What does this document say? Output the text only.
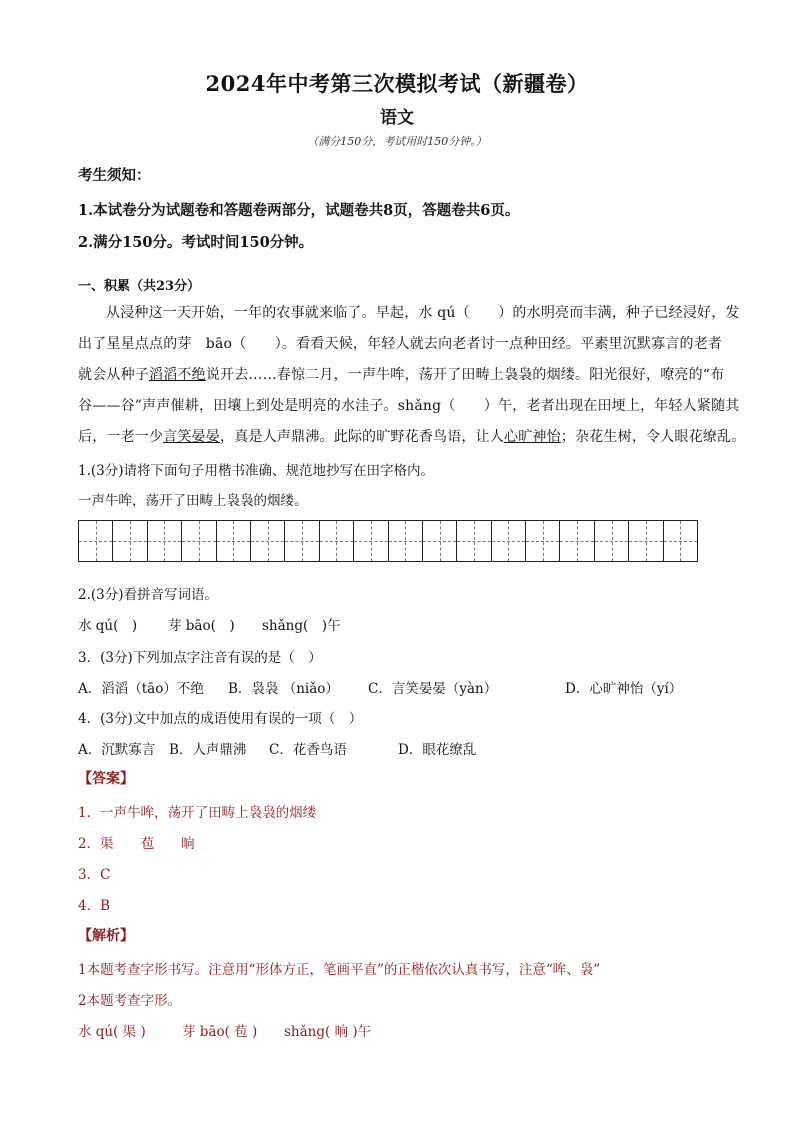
2024年中考第三次模拟考试（新疆卷）
语文
（满分150分，考试用时150分钟。）
考生须知：
1.本试卷分为试题卷和答题卷两部分，试题卷共8页，答题卷共6页。
2.满分150分。考试时间150分钟。
一、积累（共23分）
从浸种这一天开始，一年的农事就来临了。早起，水 qú（　　）的水明亮而丰满，种子已经浸好，发
出了星星点点的芽　bāo（　　）。看看天候，年轻人就去向老者讨一点种田经。平素里沉默寡言的老者
就会从种子滔滔不绝说开去……春惊二月，一声牛哞，荡开了田畴上袅袅的烟缕。阳光很好，嘹亮的“布
谷——谷”声声催耕，田壤上到处是明亮的水洼子。shǎng（　　）午，老者出现在田埂上，年轻人紧随其
后，一老一少言笑晏晏，真是人声鼎沸。此际的旷野花香鸟语，让人心旷神怡；杂花生树，令人眼花缭乱。
1.(3分)请将下面句子用楷书准确、规范地抄写在田字格内。
一声牛哞，荡开了田畴上袅袅的烟缕。
2.(3分)看拼音写词语。
水 qú(　) 芽 bāo(　) shǎng(　)午
3．(3分)下列加点字注音有误的是（　）
A．滔滔（tāo）不绝 B．袅袅 （niǎo） C．言笑晏晏（yàn）	D．心旷神怡（yí）
4．(3分)文中加点的成语使用有误的一项（　）
A．沉默寡言 B．人声鼎沸 C．花香鸟语	D．眼花缭乱
【答案】
1．一声牛哞，荡开了田畴上袅袅的烟缕
2．渠　　苞　　晌
3．C
4．B
【解析】
1本题考查字形书写。注意用“形体方正，笔画平直”的正楷依次认真书写，注意“哞、袅”
2本题考查字形。
水 qú( 渠 )	芽 bāo( 苞 ) shǎng( 晌 )午
